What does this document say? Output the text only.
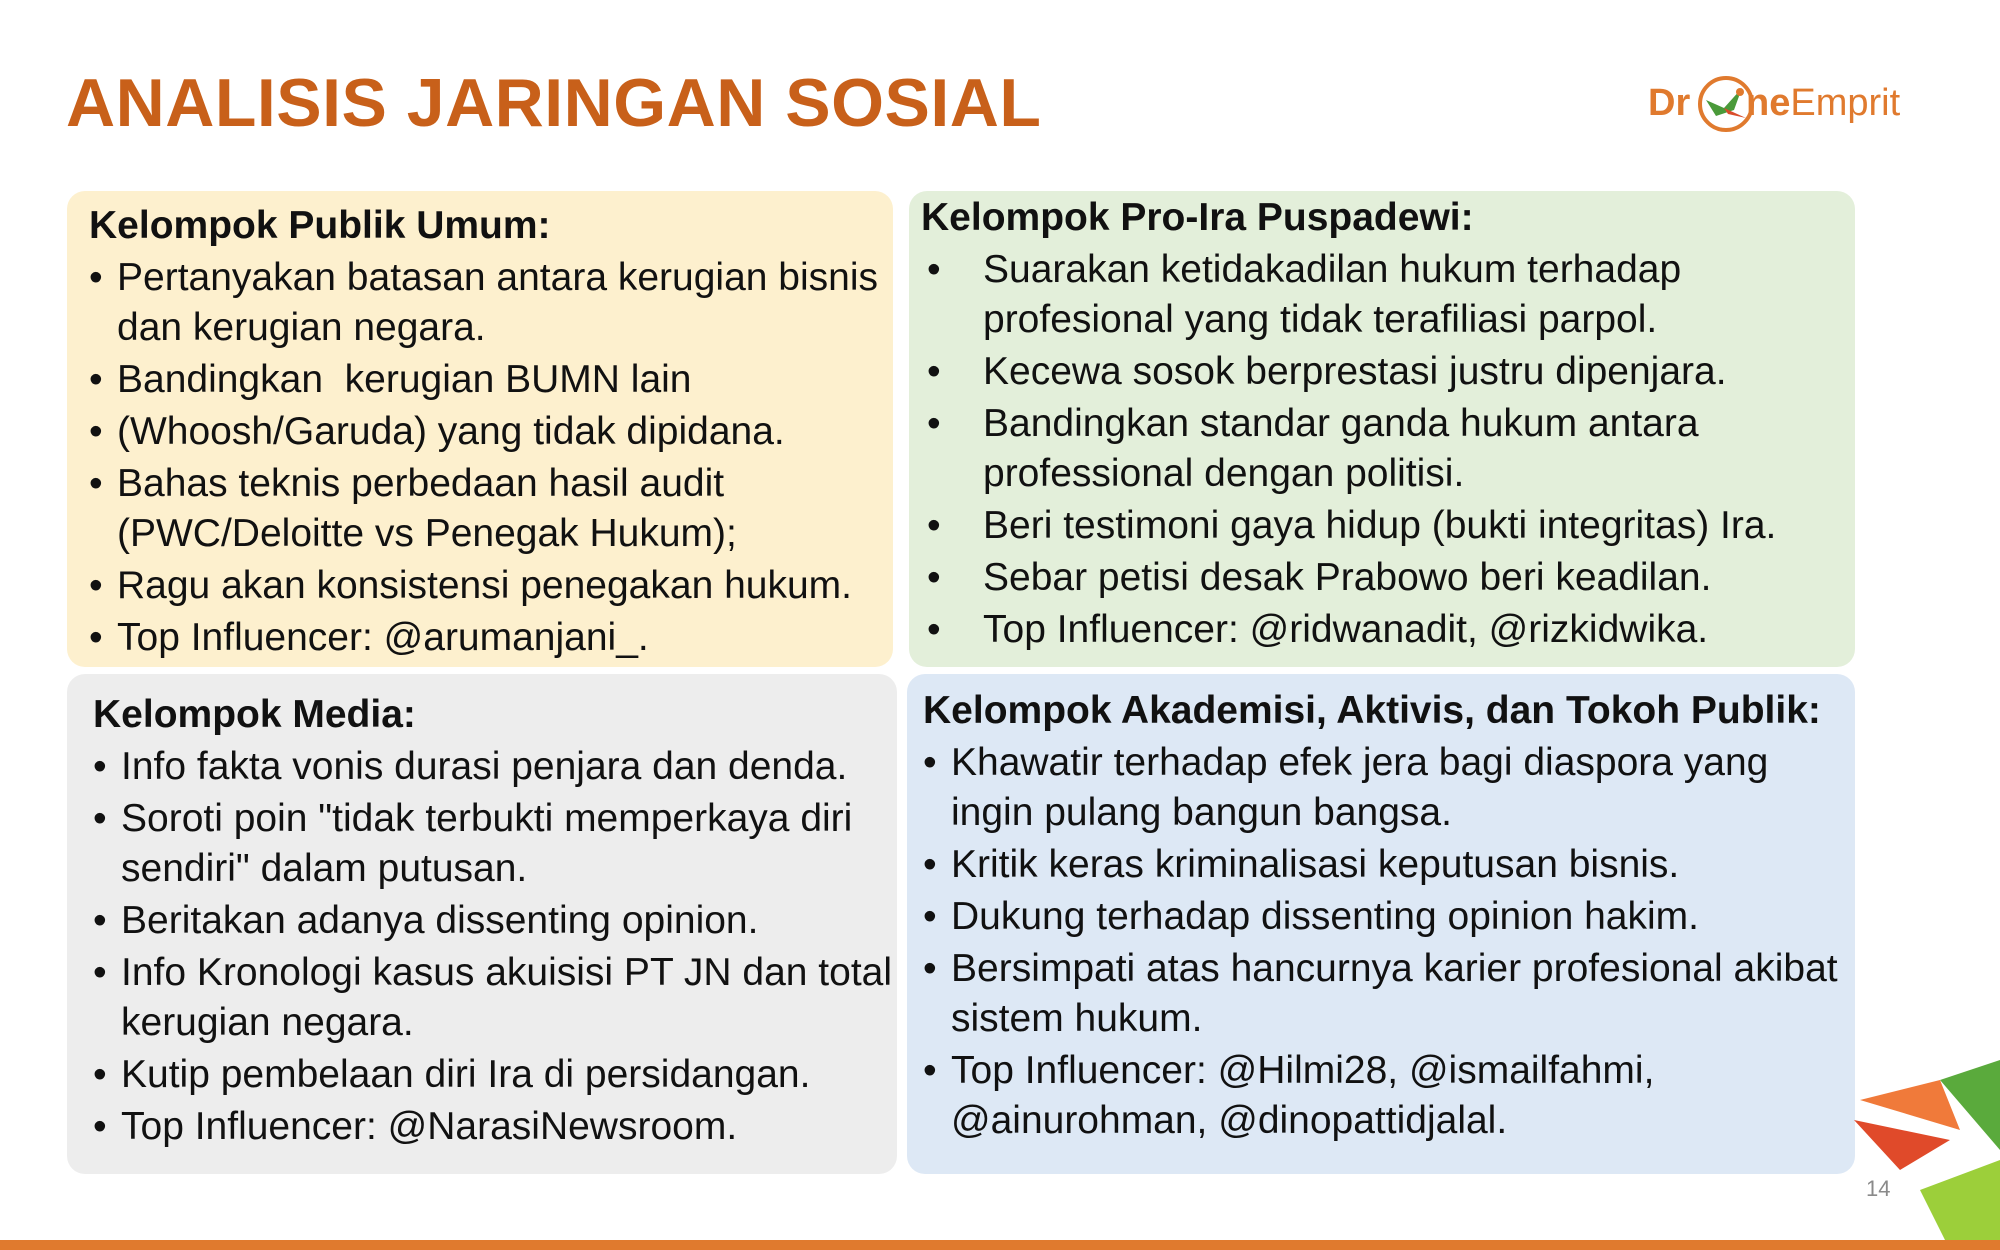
ANALISIS JARINGAN SOSIAL	Dr neEmprit
Kelompok Publik Umum:
• Pertanyakan batasan antara kerugian bisnis dan kerugian negara.
• Bandingkan  kerugian BUMN lain
• (Whoosh/Garuda) yang tidak dipidana.
• Bahas teknis perbedaan hasil audit (PWC/Deloitte vs Penegak Hukum);
• Ragu akan konsistensi penegakan hukum.
• Top Influencer: @arumanjani_.
Kelompok Pro-Ira Puspadewi:
• Suarakan ketidakadilan hukum terhadap profesional yang tidak terafiliasi parpol.
• Kecewa sosok berprestasi justru dipenjara.
• Bandingkan standar ganda hukum antara professional dengan politisi.
• Beri testimoni gaya hidup (bukti integritas) Ira.
• Sebar petisi desak Prabowo beri keadilan.
• Top Influencer: @ridwanadit, @rizkidwika.
Kelompok Media:
• Info fakta vonis durasi penjara dan denda.
• Soroti poin "tidak terbukti memperkaya diri sendiri" dalam putusan.
• Beritakan adanya dissenting opinion.
• Info Kronologi kasus akuisisi PT JN dan total kerugian negara.
• Kutip pembelaan diri Ira di persidangan.
• Top Influencer: @NarasiNewsroom.
Kelompok Akademisi, Aktivis, dan Tokoh Publik:
• Khawatir terhadap efek jera bagi diaspora yang ingin pulang bangun bangsa.
• Kritik keras kriminalisasi keputusan bisnis.
• Dukung terhadap dissenting opinion hakim.
• Bersimpati atas hancurnya karier profesional akibat sistem hukum.
• Top Influencer: @Hilmi28, @ismailfahmi, @ainurohman, @dinopattidjalal.
14
